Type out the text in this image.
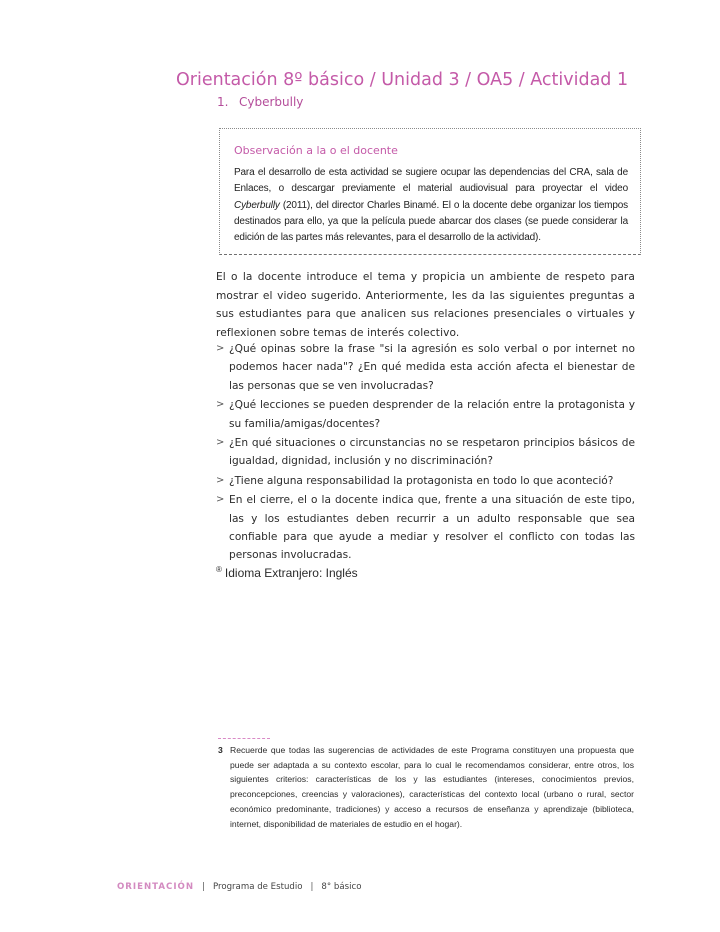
Orientación 8º básico / Unidad 3 / OA5 / Actividad 1
1. Cyberbully
Observación a la o el docente
Para el desarrollo de esta actividad se sugiere ocupar las dependencias del CRA, sala de Enlaces, o descargar previamente el material audiovisual para proyectar el video Cyberbully (2011), del director Charles Binamé. El o la docente debe organizar los tiempos destinados para ello, ya que la película puede abarcar dos clases (se puede considerar la edición de las partes más relevantes, para el desarrollo de la actividad).

El o la docente introduce el tema y propicia un ambiente de respeto para mostrar el video sugerido. Anteriormente, les da las siguientes preguntas a sus estudiantes para que analicen sus relaciones presenciales o virtuales y reflexionen sobre temas de interés colectivo.

> ¿Qué opinas sobre la frase "si la agresión es solo verbal o por internet no podemos hacer nada"? ¿En qué medida esta acción afecta el bienestar de las personas que se ven involucradas?
> ¿Qué lecciones se pueden desprender de la relación entre la protagonista y su familia/amigas/docentes?
> ¿En qué situaciones o circunstancias no se respetaron principios básicos de igualdad, dignidad, inclusión y no discriminación?
> ¿Tiene alguna responsabilidad la protagonista en todo lo que aconteció?
> En el cierre, el o la docente indica que, frente a una situación de este tipo, las y los estudiantes deben recurrir a un adulto responsable que sea confiable para que ayude a mediar y resolver el conflicto con todas las personas involucradas.
® Idioma Extranjero: Inglés
3 Recuerde que todas las sugerencias de actividades de este Programa constituyen una propuesta que puede ser adaptada a su contexto escolar, para lo cual le recomendamos considerar, entre otros, los siguientes criterios: características de los y las estudiantes (intereses, conocimientos previos, preconcepciones, creencias y valoraciones), características del contexto local (urbano o rural, sector económico predominante, tradiciones) y acceso a recursos de enseñanza y aprendizaje (biblioteca, internet, disponibilidad de materiales de estudio en el hogar).
ORIENTACIÓN | Programa de Estudio | 8° básico
